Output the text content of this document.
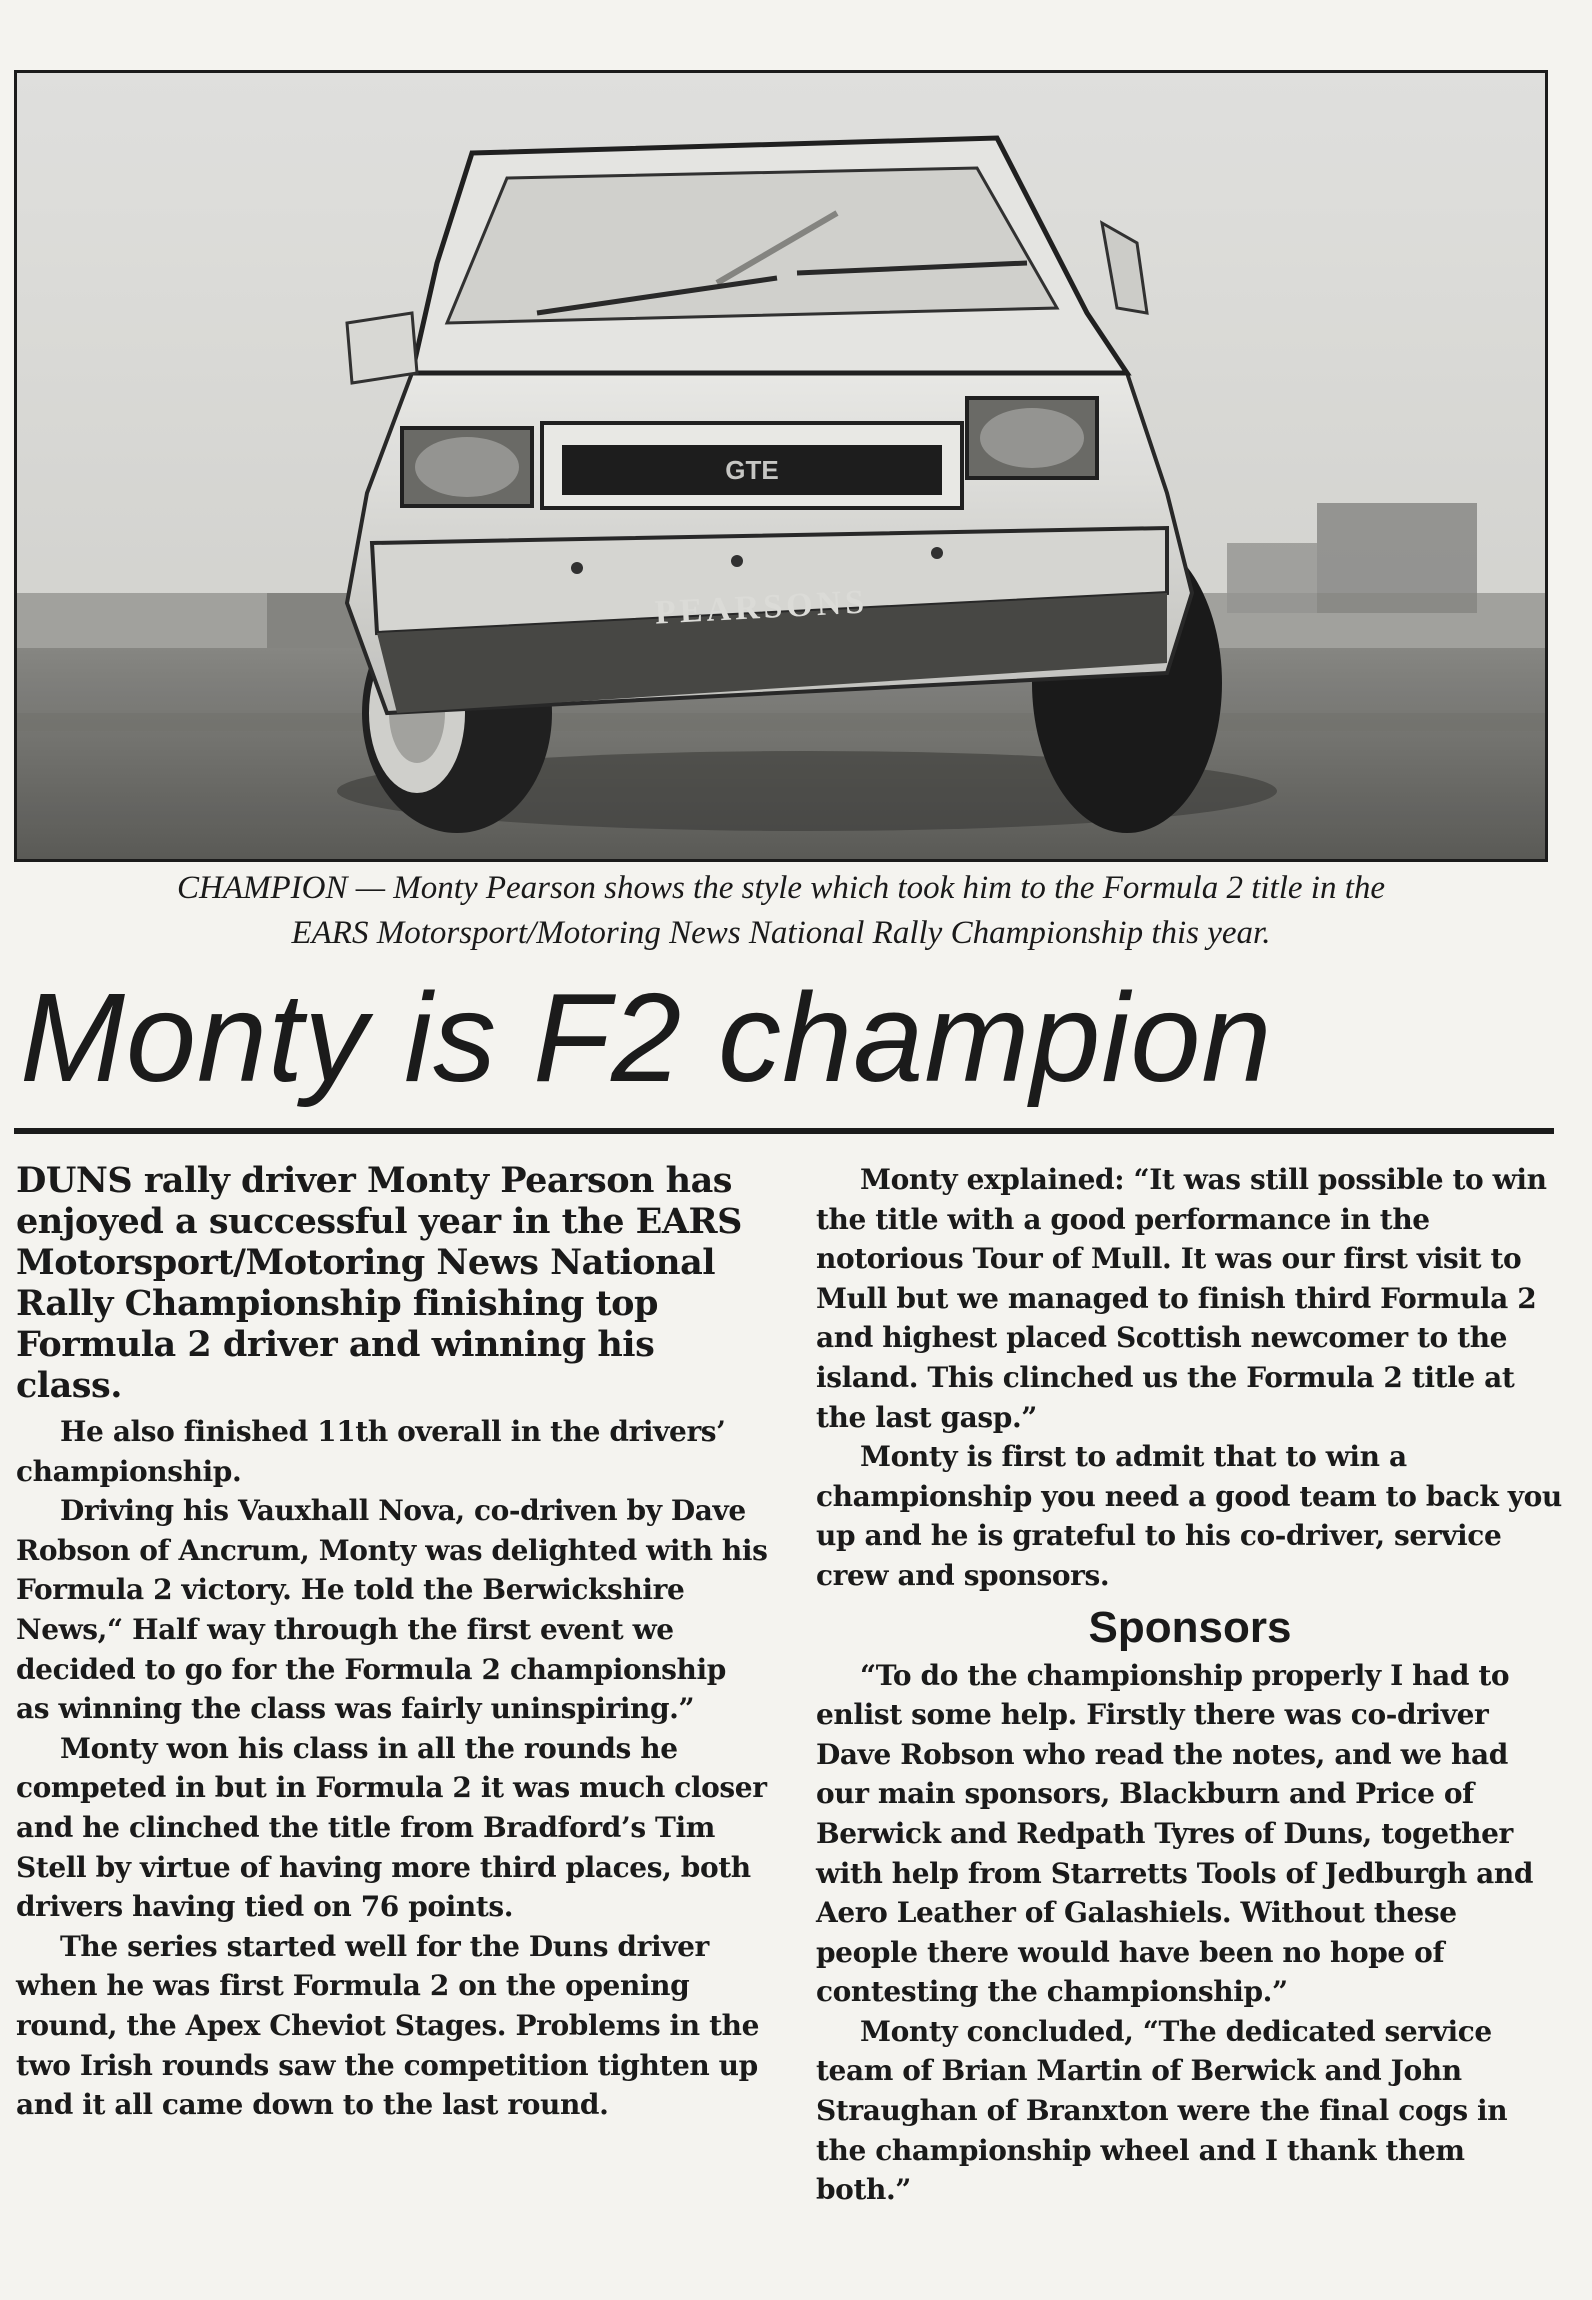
GTE
PEARSONS
CHAMPION — Monty Pearson shows the style which took him to the Formula 2 title in the
EARS Motorsport/Motoring News National Rally Championship this year.
Monty is F2 champion

DUNS rally driver Monty Pearson has enjoyed a successful year in the EARS Motorsport/Motoring News National Rally Championship finishing top Formula 2 driver and winning his class.

He also finished 11th overall in the drivers’ championship.

Driving his Vauxhall Nova, co-driven by Dave Robson of Ancrum, Monty was delighted with his Formula 2 victory. He told the Berwickshire News,“ Half way through the first event we decided to go for the Formula 2 championship as winning the class was fairly uninspiring.”

Monty won his class in all the rounds he competed in but in Formula 2 it was much closer and he clinched the title from Bradford’s Tim Stell by virtue of having more third places, both drivers having tied on 76 points.

The series started well for the Duns driver when he was first Formula 2 on the opening round, the Apex Cheviot Stages. Problems in the two Irish rounds saw the competition tighten up and it all came down to the last round.

Monty explained: “It was still possible to win the title with a good performance in the notorious Tour of Mull. It was our first visit to Mull but we managed to finish third Formula 2 and highest placed Scottish newcomer to the island. This clinched us the Formula 2 title at the last gasp.”

Monty is first to admit that to win a championship you need a good team to back you up and he is grateful to his co-driver, service crew and sponsors.

Sponsors

“To do the championship properly I had to enlist some help. Firstly there was co-driver Dave Robson who read the notes, and we had our main sponsors, Blackburn and Price of Berwick and Redpath Tyres of Duns, together with help from Starretts Tools of Jedburgh and Aero Leather of Galashiels. Without these people there would have been no hope of contesting the championship.”

Monty concluded, “The dedicated service team of Brian Martin of Berwick and John Straughan of Branxton were the final cogs in the championship wheel and I thank them both.”
